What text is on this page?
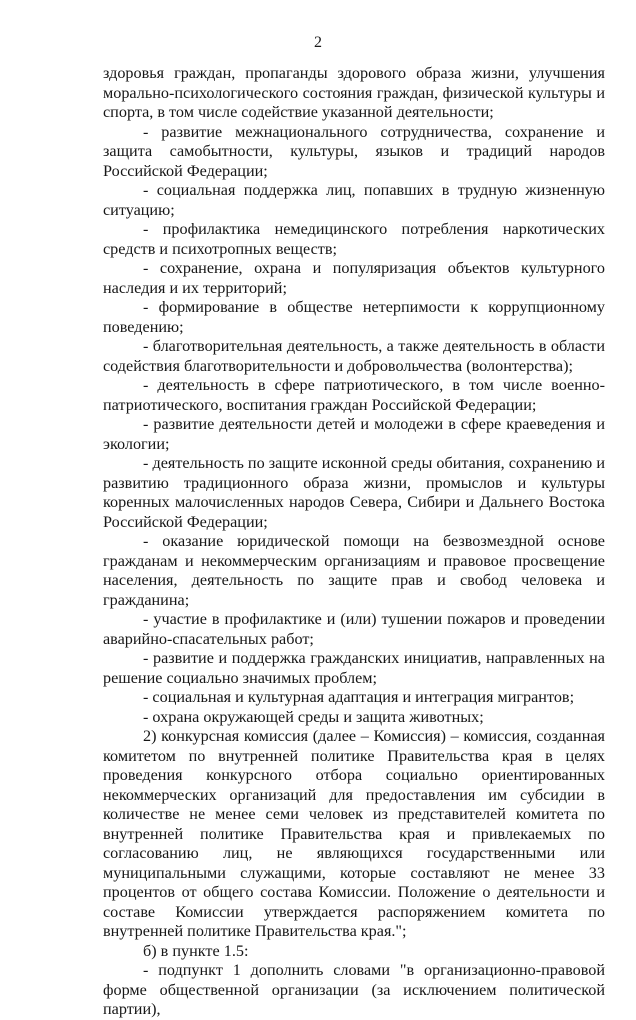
2

здоровья граждан, пропаганды здорового образа жизни, улучшения морально-психологического состояния граждан, физической культуры и спорта, в том числе содействие указанной деятельности;

- развитие межнационального сотрудничества, сохранение и защита самобытности, культуры, языков и традиций народов Российской Федерации;

- социальная поддержка лиц, попавших в трудную жизненную ситуацию;

- профилактика немедицинского потребления наркотических средств и психотропных веществ;

- сохранение, охрана и популяризация объектов культурного наследия и их территорий;

- формирование в обществе нетерпимости к коррупционному поведению;

- благотворительная деятельность, а также деятельность в области содействия благотворительности и добровольчества (волонтерства);

- деятельность в сфере патриотического, в том числе военно-патриотического, воспитания граждан Российской Федерации;

- развитие деятельности детей и молодежи в сфере краеведения и экологии;

- деятельность по защите исконной среды обитания, сохранению и развитию традиционного образа жизни, промыслов и культуры коренных малочисленных народов Севера, Сибири и Дальнего Востока Российской Федерации;

- оказание юридической помощи на безвозмездной основе гражданам и некоммерческим организациям и правовое просвещение населения, деятельность по защите прав и свобод человека и гражданина;

- участие в профилактике и (или) тушении пожаров и проведении аварийно-спасательных работ;

- развитие и поддержка гражданских инициатив, направленных на решение социально значимых проблем;

- социальная и культурная адаптация и интеграция мигрантов;

- охрана окружающей среды и защита животных;

2) конкурсная комиссия (далее – Комиссия) – комиссия, созданная комитетом по внутренней политике Правительства края в целях проведения конкурсного отбора социально ориентированных некоммерческих организаций для предоставления им субсидии в количестве не менее семи человек из представителей комитета по внутренней политике Правительства края и привлекаемых по согласованию лиц, не являющихся государственными или муниципальными служащими, которые составляют не менее 33 процентов от общего состава Комиссии. Положение о деятельности и составе Комиссии утверждается распоряжением комитета по внутренней политике Правительства края.";

б) в пункте 1.5:

- подпункт 1 дополнить словами "в организационно-правовой форме общественной организации (за исключением политической партии),
